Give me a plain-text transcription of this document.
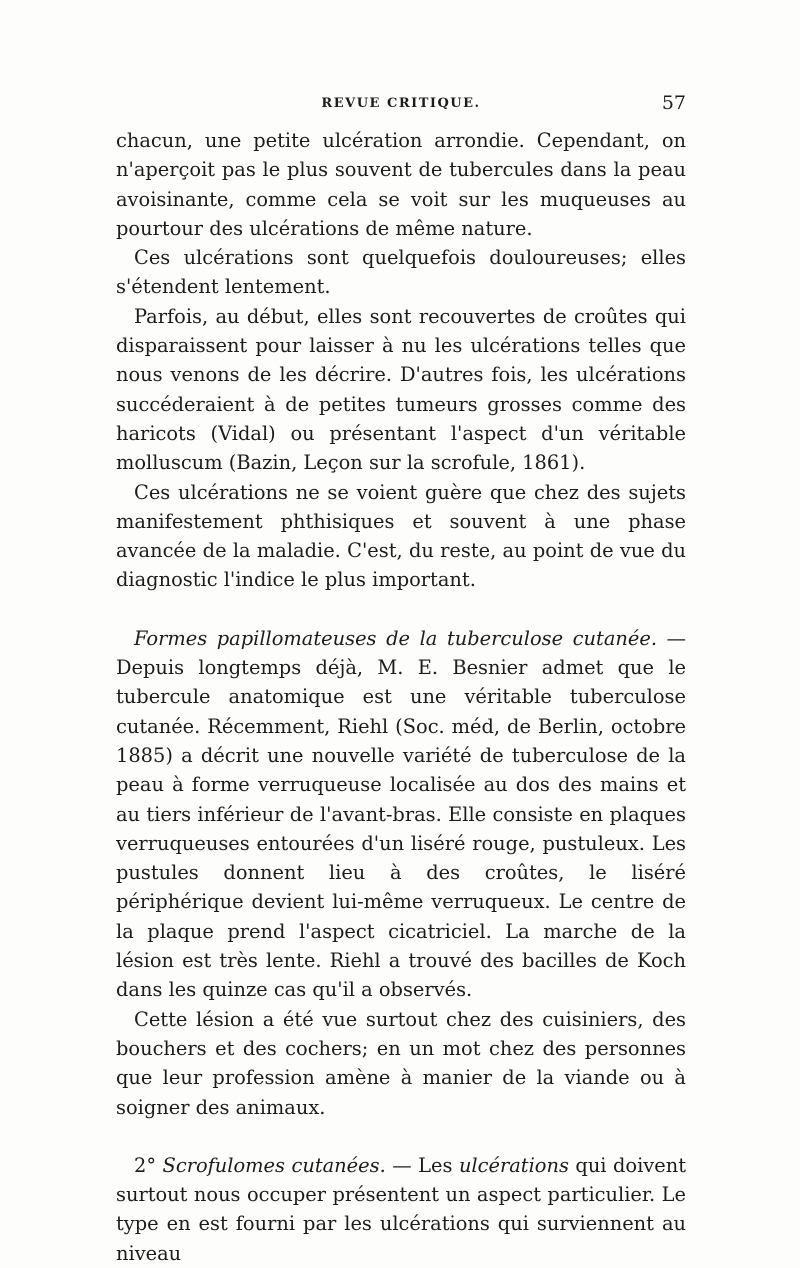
REVUE CRITIQUE.	57

chacun, une petite ulcération arrondie. Cependant, on n'aperçoit pas le plus souvent de tubercules dans la peau avoisinante, comme cela se voit sur les muqueuses au pourtour des ulcérations de même nature.

Ces ulcérations sont quelquefois douloureuses; elles s'étendent lentement.

Parfois, au début, elles sont recouvertes de croûtes qui disparaissent pour laisser à nu les ulcérations telles que nous venons de les décrire. D'autres fois, les ulcérations succéderaient à de petites tumeurs grosses comme des haricots (Vidal) ou présentant l'aspect d'un véritable molluscum (Bazin, Leçon sur la scrofule, 1861).

Ces ulcérations ne se voient guère que chez des sujets manifestement phthisiques et souvent à une phase avancée de la maladie. C'est, du reste, au point de vue du diagnostic l'indice le plus important.

Formes papillomateuses de la tuberculose cutanée. — Depuis longtemps déjà, M. E. Besnier admet que le tubercule anatomique est une véritable tuberculose cutanée. Récemment, Riehl (Soc. méd, de Berlin, octobre 1885) a décrit une nouvelle variété de tuberculose de la peau à forme verruqueuse localisée au dos des mains et au tiers inférieur de l'avant-bras. Elle consiste en plaques verruqueuses entourées d'un liséré rouge, pustuleux. Les pustules donnent lieu à des croûtes, le liséré périphérique devient lui-même verruqueux. Le centre de la plaque prend l'aspect cicatriciel. La marche de la lésion est très lente. Riehl a trouvé des bacilles de Koch dans les quinze cas qu'il a observés.

Cette lésion a été vue surtout chez des cuisiniers, des bouchers et des cochers; en un mot chez des personnes que leur profession amène à manier de la viande ou à soigner des animaux.

2° Scrofulomes cutanées. — Les ulcérations qui doivent surtout nous occuper présentent un aspect particulier. Le type en est fourni par les ulcérations qui surviennent au niveau
